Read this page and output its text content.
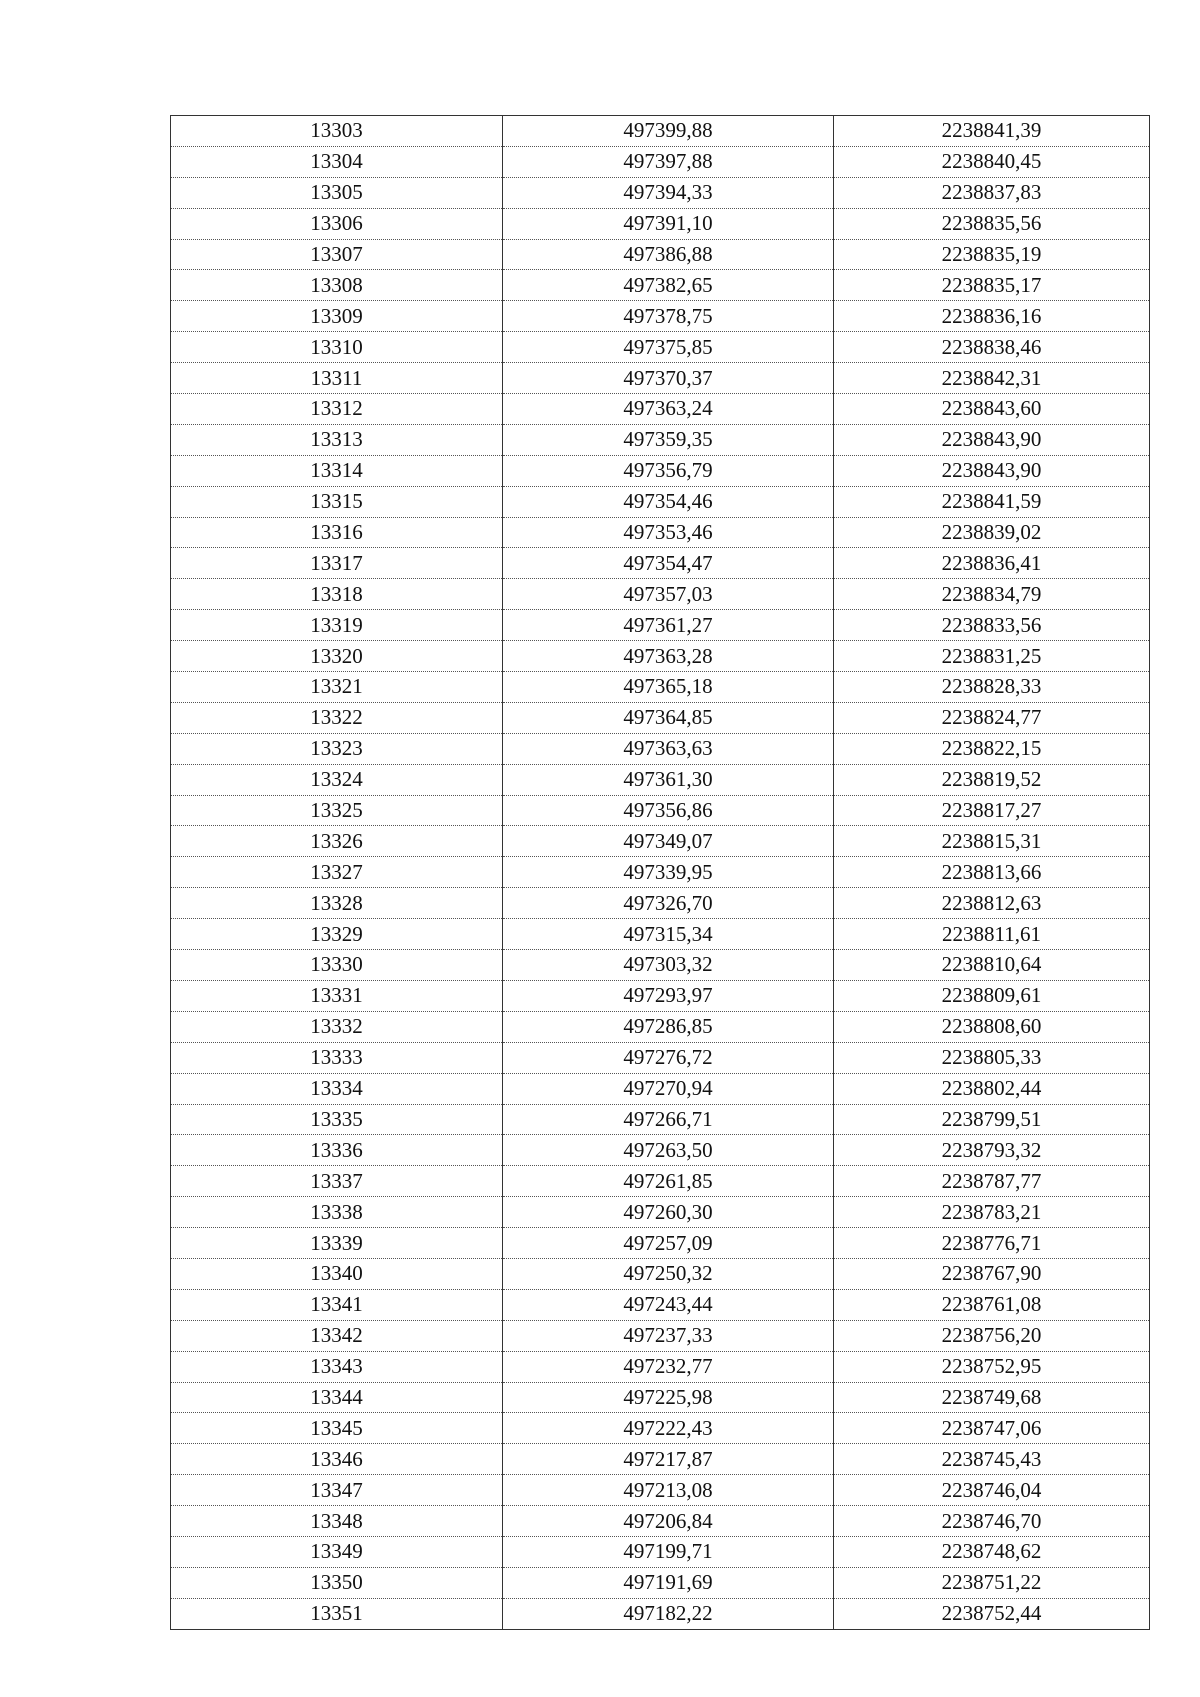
13303	497399,88	2238841,39
13304	497397,88	2238840,45
13305	497394,33	2238837,83
13306	497391,10	2238835,56
13307	497386,88	2238835,19
13308	497382,65	2238835,17
13309	497378,75	2238836,16
13310	497375,85	2238838,46
13311	497370,37	2238842,31
13312	497363,24	2238843,60
13313	497359,35	2238843,90
13314	497356,79	2238843,90
13315	497354,46	2238841,59
13316	497353,46	2238839,02
13317	497354,47	2238836,41
13318	497357,03	2238834,79
13319	497361,27	2238833,56
13320	497363,28	2238831,25
13321	497365,18	2238828,33
13322	497364,85	2238824,77
13323	497363,63	2238822,15
13324	497361,30	2238819,52
13325	497356,86	2238817,27
13326	497349,07	2238815,31
13327	497339,95	2238813,66
13328	497326,70	2238812,63
13329	497315,34	2238811,61
13330	497303,32	2238810,64
13331	497293,97	2238809,61
13332	497286,85	2238808,60
13333	497276,72	2238805,33
13334	497270,94	2238802,44
13335	497266,71	2238799,51
13336	497263,50	2238793,32
13337	497261,85	2238787,77
13338	497260,30	2238783,21
13339	497257,09	2238776,71
13340	497250,32	2238767,90
13341	497243,44	2238761,08
13342	497237,33	2238756,20
13343	497232,77	2238752,95
13344	497225,98	2238749,68
13345	497222,43	2238747,06
13346	497217,87	2238745,43
13347	497213,08	2238746,04
13348	497206,84	2238746,70
13349	497199,71	2238748,62
13350	497191,69	2238751,22
13351	497182,22	2238752,44
